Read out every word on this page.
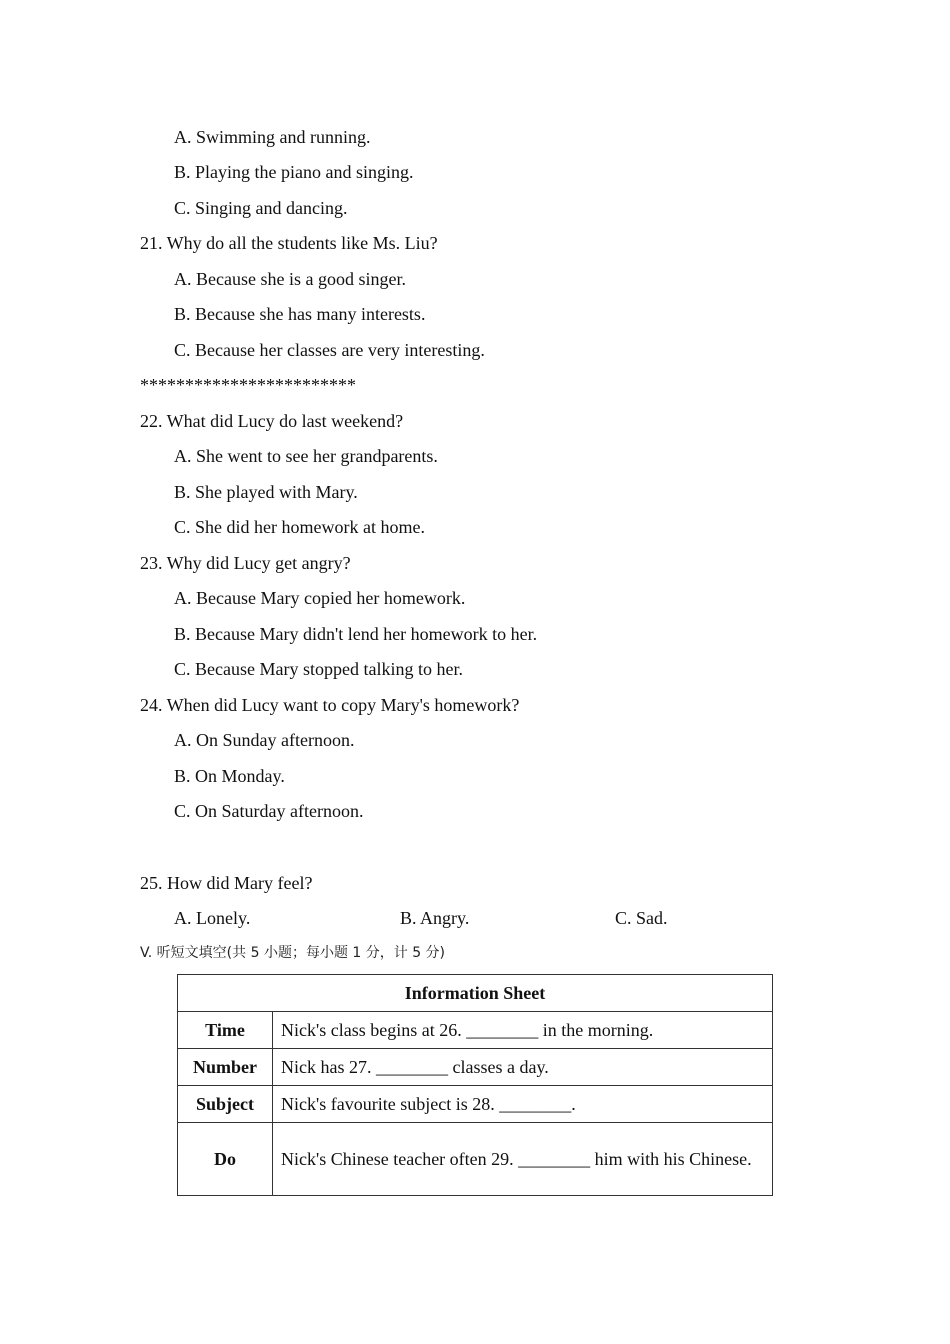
A. Swimming and running.
B. Playing the piano and singing.
C. Singing and dancing.
21. Why do all the students like Ms. Liu?
A. Because she is a good singer.
B. Because she has many interests.
C. Because her classes are very interesting.
************************
22. What did Lucy do last weekend?
A. She went to see her grandparents.
B. She played with Mary.
C. She did her homework at home.
23. Why did Lucy get angry?
A. Because Mary copied her homework.
B. Because Mary didn't lend her homework to her.
C. Because Mary stopped talking to her.
24. When did Lucy want to copy Mary's homework?
A. On Sunday afternoon.
B. On Monday.
C. On Saturday afternoon.
25. How did Mary feel?
A. Lonely.	B. Angry.	C. Sad.
V. 听短文填空(共 5 小题；每小题 1 分，计 5 分)
Information Sheet	
Time	Nick's class begins at 26. ________ in the morning.
Number	Nick has 27. ________ classes a day.
Subject	Nick's favourite subject is 28. ________.
Do	Nick's Chinese teacher often 29. ________ him with his Chinese.
